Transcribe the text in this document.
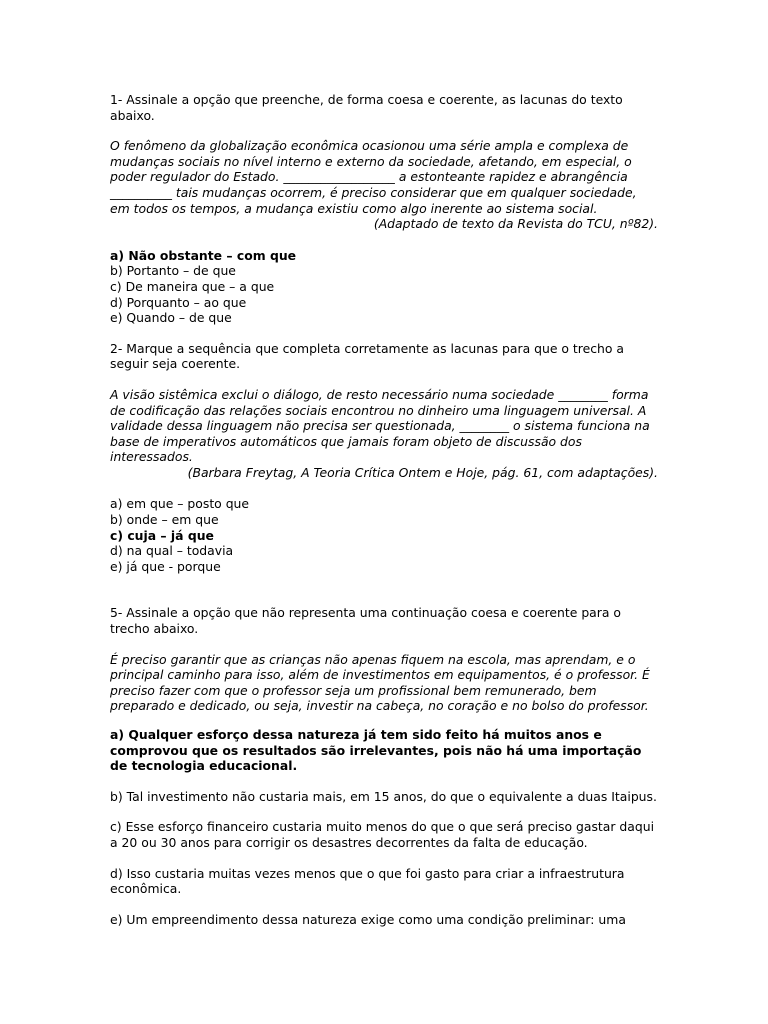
1- Assinale a opção que preenche, de forma coesa e coerente, as lacunas do texto abaixo.

O fenômeno da globalização econômica ocasionou uma série ampla e complexa de mudanças sociais no nível interno e externo da sociedade, afetando, em especial, o poder regulador do Estado. __________________ a estonteante rapidez e abrangência __________ tais mudanças ocorrem, é preciso considerar que em qualquer sociedade, em todos os tempos, a mudança existiu como algo inerente ao sistema social.

(Adaptado de texto da Revista do TCU, nº82).

a) Não obstante – com que

b) Portanto – de que

c) De maneira que – a que

d) Porquanto – ao que

e) Quando – de que

2- Marque a sequência que completa corretamente as lacunas para que o trecho a seguir seja coerente.

A visão sistêmica exclui o diálogo, de resto necessário numa sociedade ________ forma de codificação das relações sociais encontrou no dinheiro uma linguagem universal. A validade dessa linguagem não precisa ser questionada, ________ o sistema funciona na base de imperativos automáticos que jamais foram objeto de discussão dos interessados.

(Barbara Freytag, A Teoria Crítica Ontem e Hoje, pág. 61, com adaptações).

a) em que – posto que

b) onde – em que

c) cuja – já que

d) na qual – todavia

e) já que - porque

5- Assinale a opção que não representa uma continuação coesa e coerente para o trecho abaixo.

É preciso garantir que as crianças não apenas fiquem na escola, mas aprendam, e o principal caminho para isso, além de investimentos em equipamentos, é o professor. É preciso fazer com que o professor seja um profissional bem remunerado, bem preparado e dedicado, ou seja, investir na cabeça, no coração e no bolso do professor.

a) Qualquer esforço dessa natureza já tem sido feito há muitos anos e comprovou que os resultados são irrelevantes, pois não há uma importação de tecnologia educacional.

b) Tal investimento não custaria mais, em 15 anos, do que o equivalente a duas Itaipus.

c) Esse esforço financeiro custaria muito menos do que o que será preciso gastar daqui a 20 ou 30 anos para corrigir os desastres decorrentes da falta de educação.

d) Isso custaria muitas vezes menos que o que foi gasto para criar a infraestrutura econômica.

e) Um empreendimento dessa natureza exige como uma condição preliminar: uma
